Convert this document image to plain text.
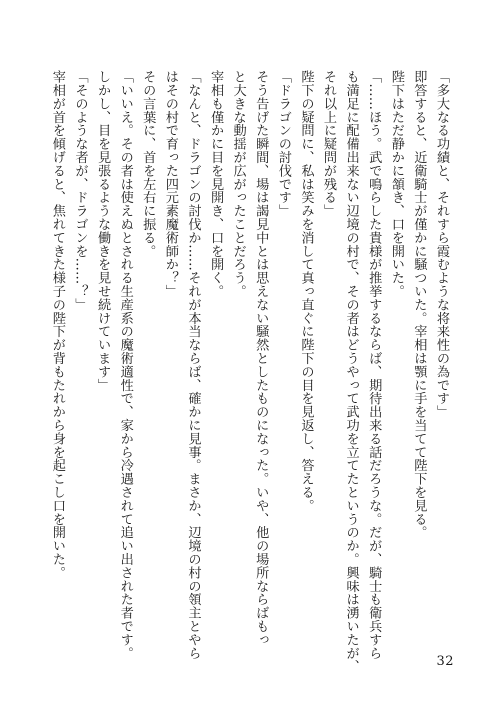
「多大なる功績と、それすら霞むような将来性の為です」

即答すると、近衛騎士が僅かに騒ついた。宰相は顎に手を当てて陛下を見る。

陛下はただ静かに頷き、口を開いた。

「……ほう。武で鳴らした貴様が推挙するならば、期待出来る話だろうな。だが、騎士も衛兵すら

も満足に配備出来ない辺境の村で、その者はどうやって武功を立てたというのか。興味は湧いたが、

それ以上に疑問が残る」

陛下の疑問に、私は笑みを消して真っ直ぐに陛下の目を見返し、答える。

「ドラゴンの討伐です」

そう告げた瞬間、場は謁見中とは思えない騒然としたものになった。いや、他の場所ならばもっ

と大きな動揺が広がったことだろう。

宰相も僅かに目を見開き、口を開く。

「なんと、ドラゴンの討伐か……それが本当ならば、確かに見事。まさか、辺境の村の領主とやら

はその村で育った四元素魔術師か？」

その言葉に、首を左右に振る。

「いいえ。その者は使えぬとされる生産系の魔術適性で、家から冷遇されて追い出された者です。

しかし、目を見張るような働きを見せ続けています」

「そのような者が、ドラゴンを……？」

宰相が首を傾げると、焦れてきた様子の陛下が背もたれから身を起こし口を開いた。

32
